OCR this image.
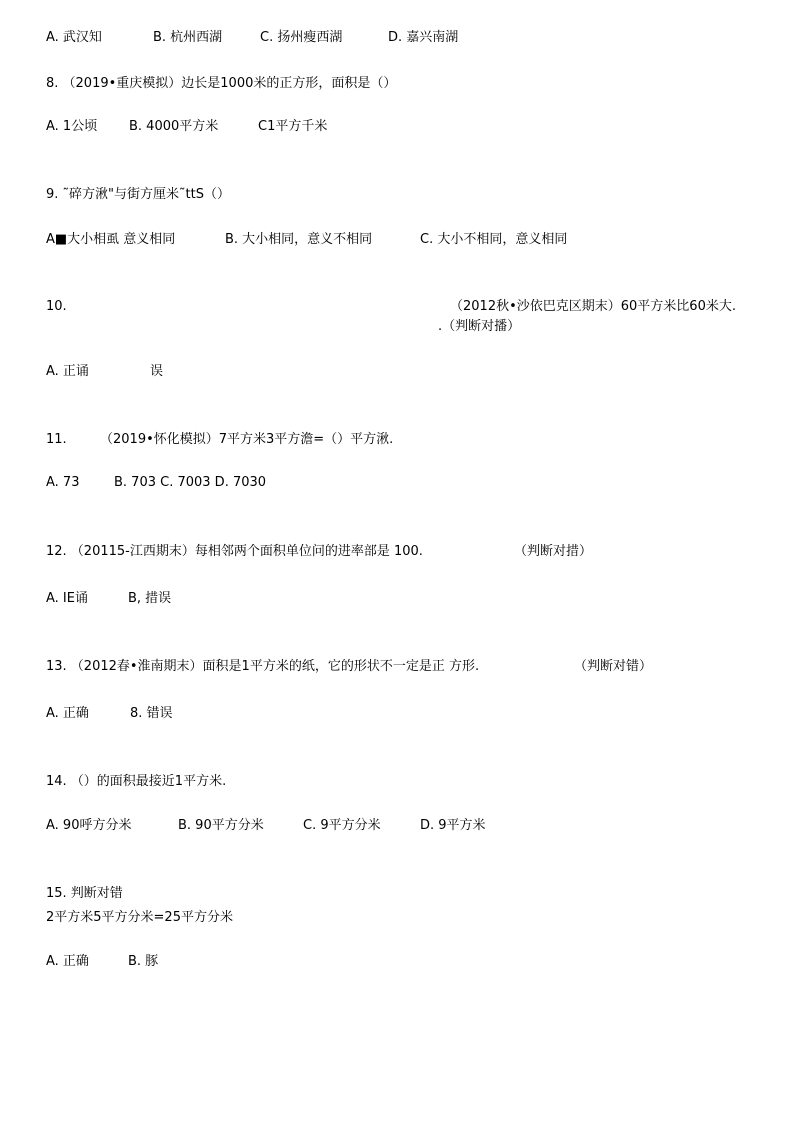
A. 武汉知	B. 杭州西湖	C. 扬州瘦西湖	D. 嘉兴南湖
8. （2019•重庆模拟）边长是1000米的正方形，面积是（）
A. 1公顷 B. 4000平方米	C1平方千米
9. ˜碎方湫"与街方厘米˜ttS（）
A■大小相虱 意义相同	B. 大小相同，意义不相同	C. 大小不相同，意义相同
10.	（2012秋•沙依巴克区期末）60平方米比60米大.
.（判断对播）
A. 正诵	误
11.	（2019•怀化模拟）7平方米3平方澹=（）平方湫.
A. 73	B. 703 C. 7003 D. 7030
12. （20115-江西期末）每相邻两个面积单位问的进率部是 100.	（判断对措）
A. IE诵	B, 措误
13. （2012春•淮南期末）面积是1平方米的纸，它的形状不一定是正 方形.	（判断对错）
A. 正确	8. 错误
14. （）的面积最接近1平方米.
A. 90呼方分米	B. 90平方分米	C. 9平方分米	D. 9平方米
15. 判断对错
2平方米5平方分米=25平方分米
A. 正确	B. 豚
